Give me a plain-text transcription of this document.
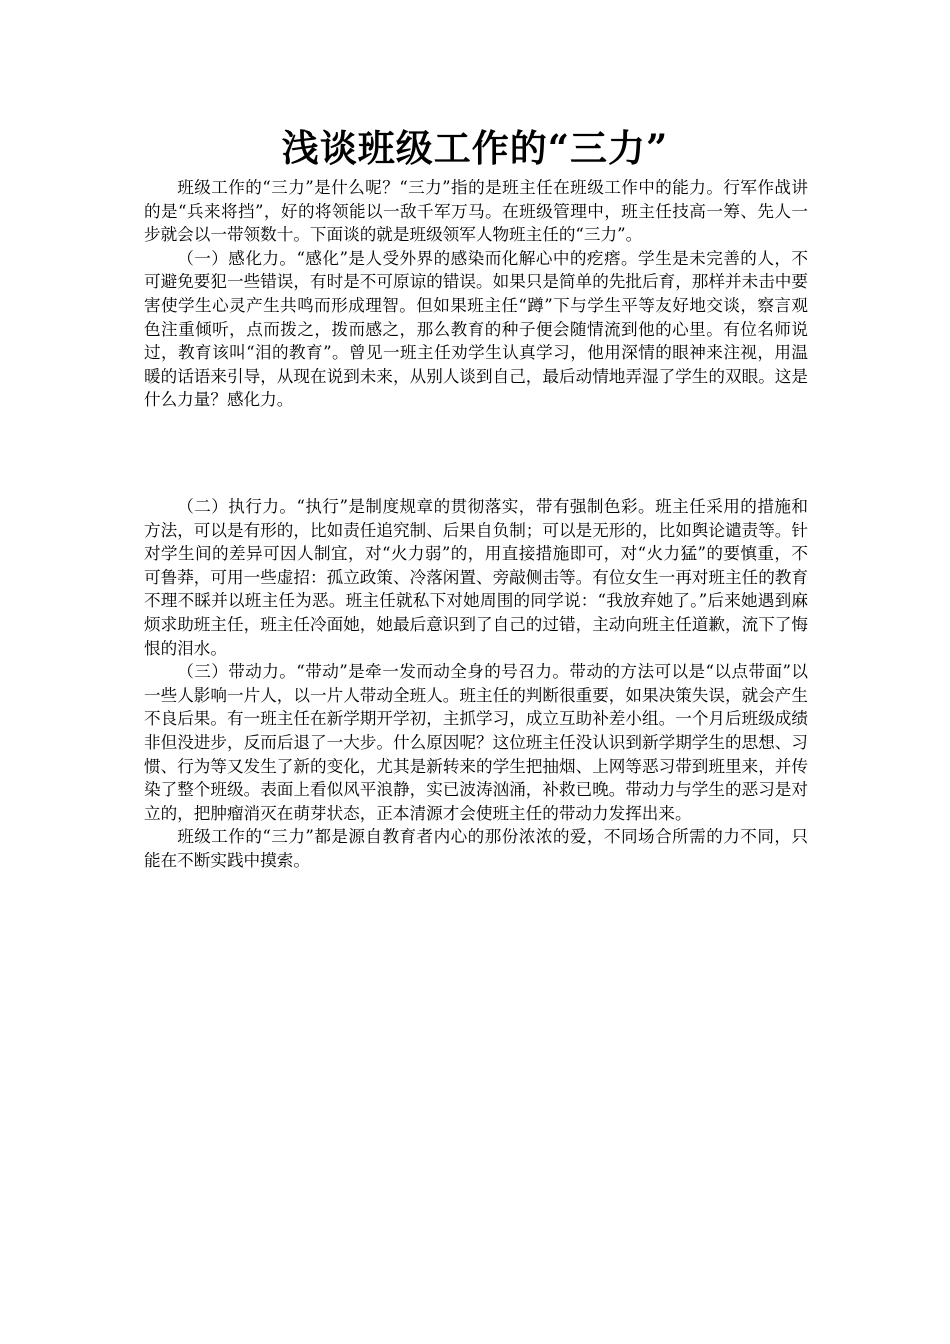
浅谈班级工作的“三力”

班级工作的“三力”是什么呢？“三力”指的是班主任在班级工作中的能力。行军作战讲的是“兵来将挡”，好的将领能以一敌千军万马。在班级管理中，班主任技高一筹、先人一步就会以一带领数十。下面谈的就是班级领军人物班主任的“三力”。

（一）感化力。“感化”是人受外界的感染而化解心中的疙瘩。学生是未完善的人，不可避免要犯一些错误，有时是不可原谅的错误。如果只是简单的先批后育，那样并未击中要害使学生心灵产生共鸣而形成理智。但如果班主任“蹲”下与学生平等友好地交谈，察言观色注重倾听，点而拨之，拨而感之，那么教育的种子便会随情流到他的心里。有位名师说过，教育该叫“泪的教育”。曾见一班主任劝学生认真学习，他用深情的眼神来注视，用温暖的话语来引导，从现在说到未来，从别人谈到自己，最后动情地弄湿了学生的双眼。这是什么力量？感化力。

（二）执行力。“执行”是制度规章的贯彻落实，带有强制色彩。班主任采用的措施和方法，可以是有形的，比如责任追究制、后果自负制；可以是无形的，比如舆论谴责等。针对学生间的差异可因人制宜，对“火力弱”的，用直接措施即可，对“火力猛”的要慎重，不可鲁莽，可用一些虚招：孤立政策、冷落闲置、旁敲侧击等。有位女生一再对班主任的教育不理不睬并以班主任为恶。班主任就私下对她周围的同学说：“我放弃她了。”后来她遇到麻烦求助班主任，班主任冷面她，她最后意识到了自己的过错，主动向班主任道歉，流下了悔恨的泪水。

（三）带动力。“带动”是牵一发而动全身的号召力。带动的方法可以是“以点带面”以一些人影响一片人，以一片人带动全班人。班主任的判断很重要，如果决策失误，就会产生不良后果。有一班主任在新学期开学初，主抓学习，成立互助补差小组。一个月后班级成绩非但没进步，反而后退了一大步。什么原因呢？这位班主任没认识到新学期学生的思想、习惯、行为等又发生了新的变化，尤其是新转来的学生把抽烟、上网等恶习带到班里来，并传染了整个班级。表面上看似风平浪静，实已波涛汹涌，补救已晚。带动力与学生的恶习是对立的，把肿瘤消灭在萌芽状态，正本清源才会使班主任的带动力发挥出来。

班级工作的“三力”都是源自教育者内心的那份浓浓的爱，不同场合所需的力不同，只能在不断实践中摸索。
